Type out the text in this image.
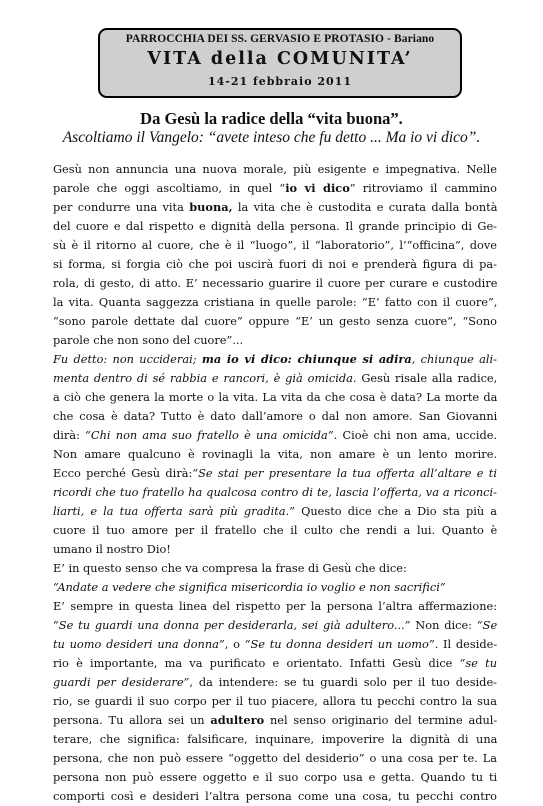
PARROCCHIA DEI SS. GERVASIO E PROTASIO - Bariano
VITA della COMUNITA’
14-21 febbraio 2011
Da Gesù la radice della “vita buona”.
Ascoltiamo il Vangelo: “avete inteso che fu detto ... Ma io vi dico”.
Gesù non annuncia una nuova morale, più esigente e impegnativa. Nelle
parole che oggi ascoltiamo, in quel “io vi dico” ritroviamo il cammino
per condurre una vita buona, la vita che è custodita e curata dalla bontà
del cuore e dal rispetto e dignità della persona. Il grande principio di Ge-
sù è il ritorno al cuore, che è il “luogo”, il “laboratorio”, l’“officina”, dove
si forma, si forgia ciò che poi uscirà fuori di noi e prenderà figura di pa-
rola, di gesto, di atto. E’ necessario guarire il cuore per curare e custodire
la vita. Quanta saggezza cristiana in quelle parole: “E’ fatto con il cuore”,
“sono parole dettate dal cuore” oppure “E’ un gesto senza cuore”, “Sono
parole che non sono del cuore”...
Fu detto: non ucciderai; ma io vi dico: chiunque si adira, chiunque ali-
menta dentro di sé rabbia e rancori, è già omicida. Gesù risale alla radice,
a ciò che genera la morte o la vita. La vita da che cosa è data? La morte da
che cosa è data? Tutto è dato dall’amore o dal non amore. San Giovanni
dirà: “Chi non ama suo fratello è una omicida”. Cioè chi non ama, uccide.
Non amare qualcuno è rovinagli la vita, non amare è un lento morire.
Ecco perché Gesù dirà:“Se stai per presentare la tua offerta all’altare e ti
ricordi che tuo fratello ha qualcosa contro di te, lascia l’offerta, va a riconci-
liarti, e la tua offerta sarà più gradita.” Questo dice che a Dio sta più a
cuore il tuo amore per il fratello che il culto che rendi a lui. Quanto è
umano il nostro Dio!
E’ in questo senso che va compresa la frase di Gesù che dice:
“Andate a vedere che significa misericordia io voglio e non sacrifici”
E’ sempre in questa linea del rispetto per la persona l’altra affermazione:
“Se tu guardi una donna per desiderarla, sei già adultero...” Non dice: “Se
tu uomo desideri una donna”, o “Se tu donna desideri un uomo”. Il deside-
rio è importante, ma va purificato e orientato. Infatti Gesù dice “se tu
guardi per desiderare”, da intendere: se tu guardi solo per il tuo deside-
rio, se guardi il suo corpo per il tuo piacere, allora tu pecchi contro la sua
persona. Tu allora sei un adultero nel senso originario del termine adul-
terare, che significa: falsificare, inquinare, impoverire la dignità di una
persona, che non può essere “oggetto del desiderio” o una cosa per te. La
persona non può essere oggetto e il suo corpo usa e getta. Quando tu ti
comporti così e desideri l’altra persona come una cosa, tu pecchi contro
